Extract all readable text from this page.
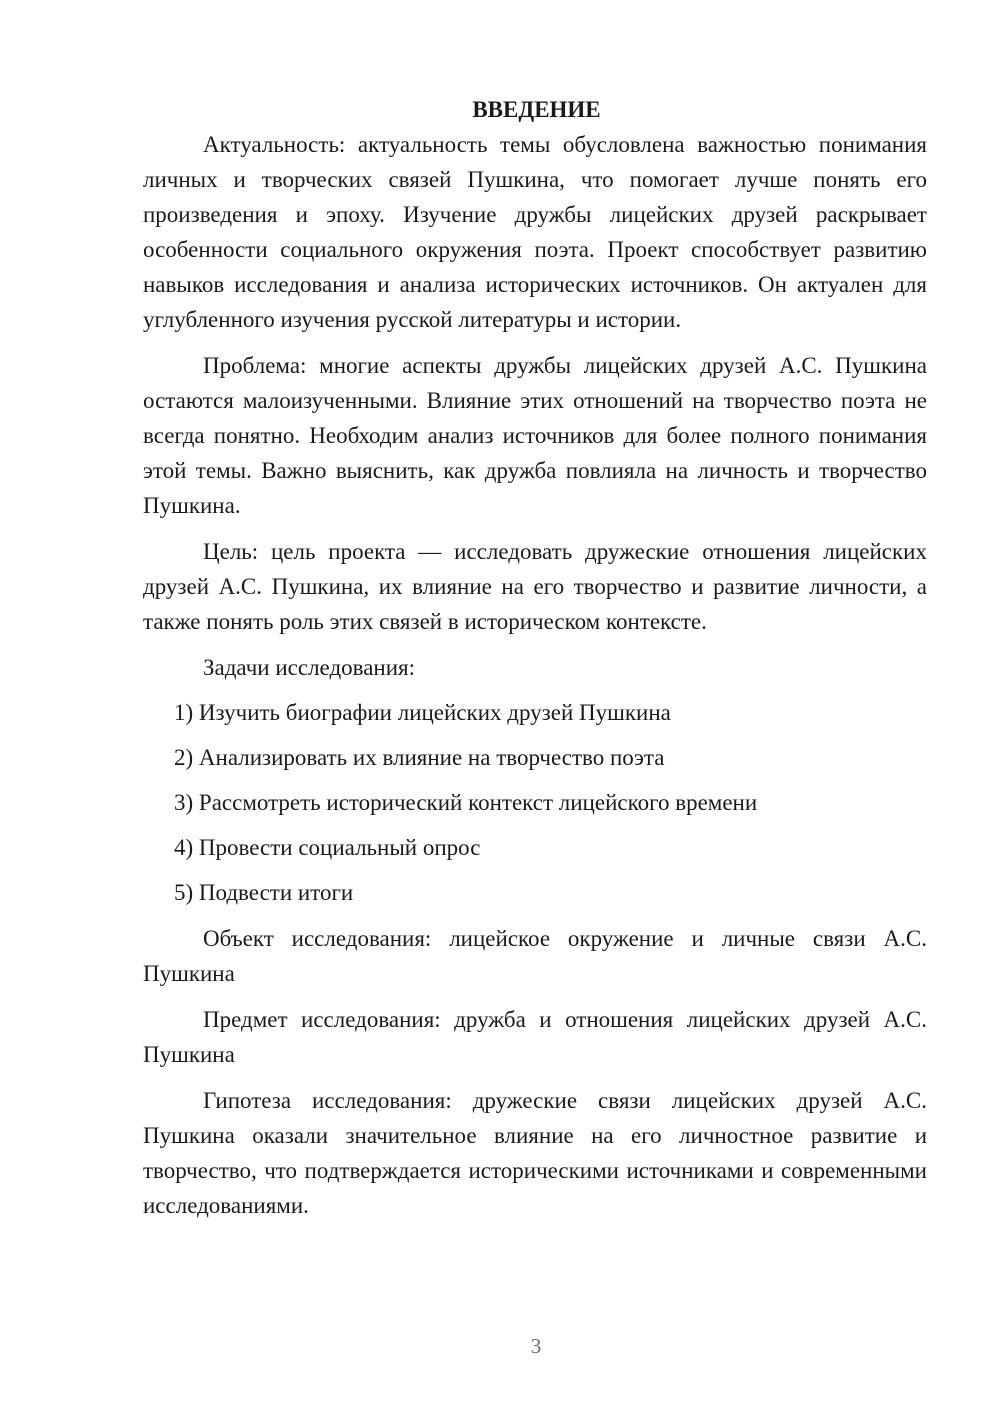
ВВЕДЕНИЕ

Актуальность: актуальность темы обусловлена важностью понимания личных и творческих связей Пушкина, что помогает лучше понять его произведения и эпоху. Изучение дружбы лицейских друзей раскрывает особенности социального окружения поэта. Проект способствует развитию навыков исследования и анализа исторических источников. Он актуален для углубленного изучения русской литературы и истории.

Проблема: многие аспекты дружбы лицейских друзей А.С. Пушкина остаются малоизученными. Влияние этих отношений на творчество поэта не всегда понятно. Необходим анализ источников для более полного понимания этой темы. Важно выяснить, как дружба повлияла на личность и творчество Пушкина.

Цель: цель проекта — исследовать дружеские отношения лицейских друзей А.С. Пушкина, их влияние на его творчество и развитие личности, а также понять роль этих связей в историческом контексте.

Задачи исследования:
1) Изучить биографии лицейских друзей Пушкина
2) Анализировать их влияние на творчество поэта
3) Рассмотреть исторический контекст лицейского времени
4) Провести социальный опрос
5) Подвести итоги

Объект исследования: лицейское окружение и личные связи А.С. Пушкина

Предмет исследования: дружба и отношения лицейских друзей А.С. Пушкина

Гипотеза исследования: дружеские связи лицейских друзей А.С. Пушкина оказали значительное влияние на его личностное развитие и творчество, что подтверждается историческими источниками и современными исследованиями.

3
